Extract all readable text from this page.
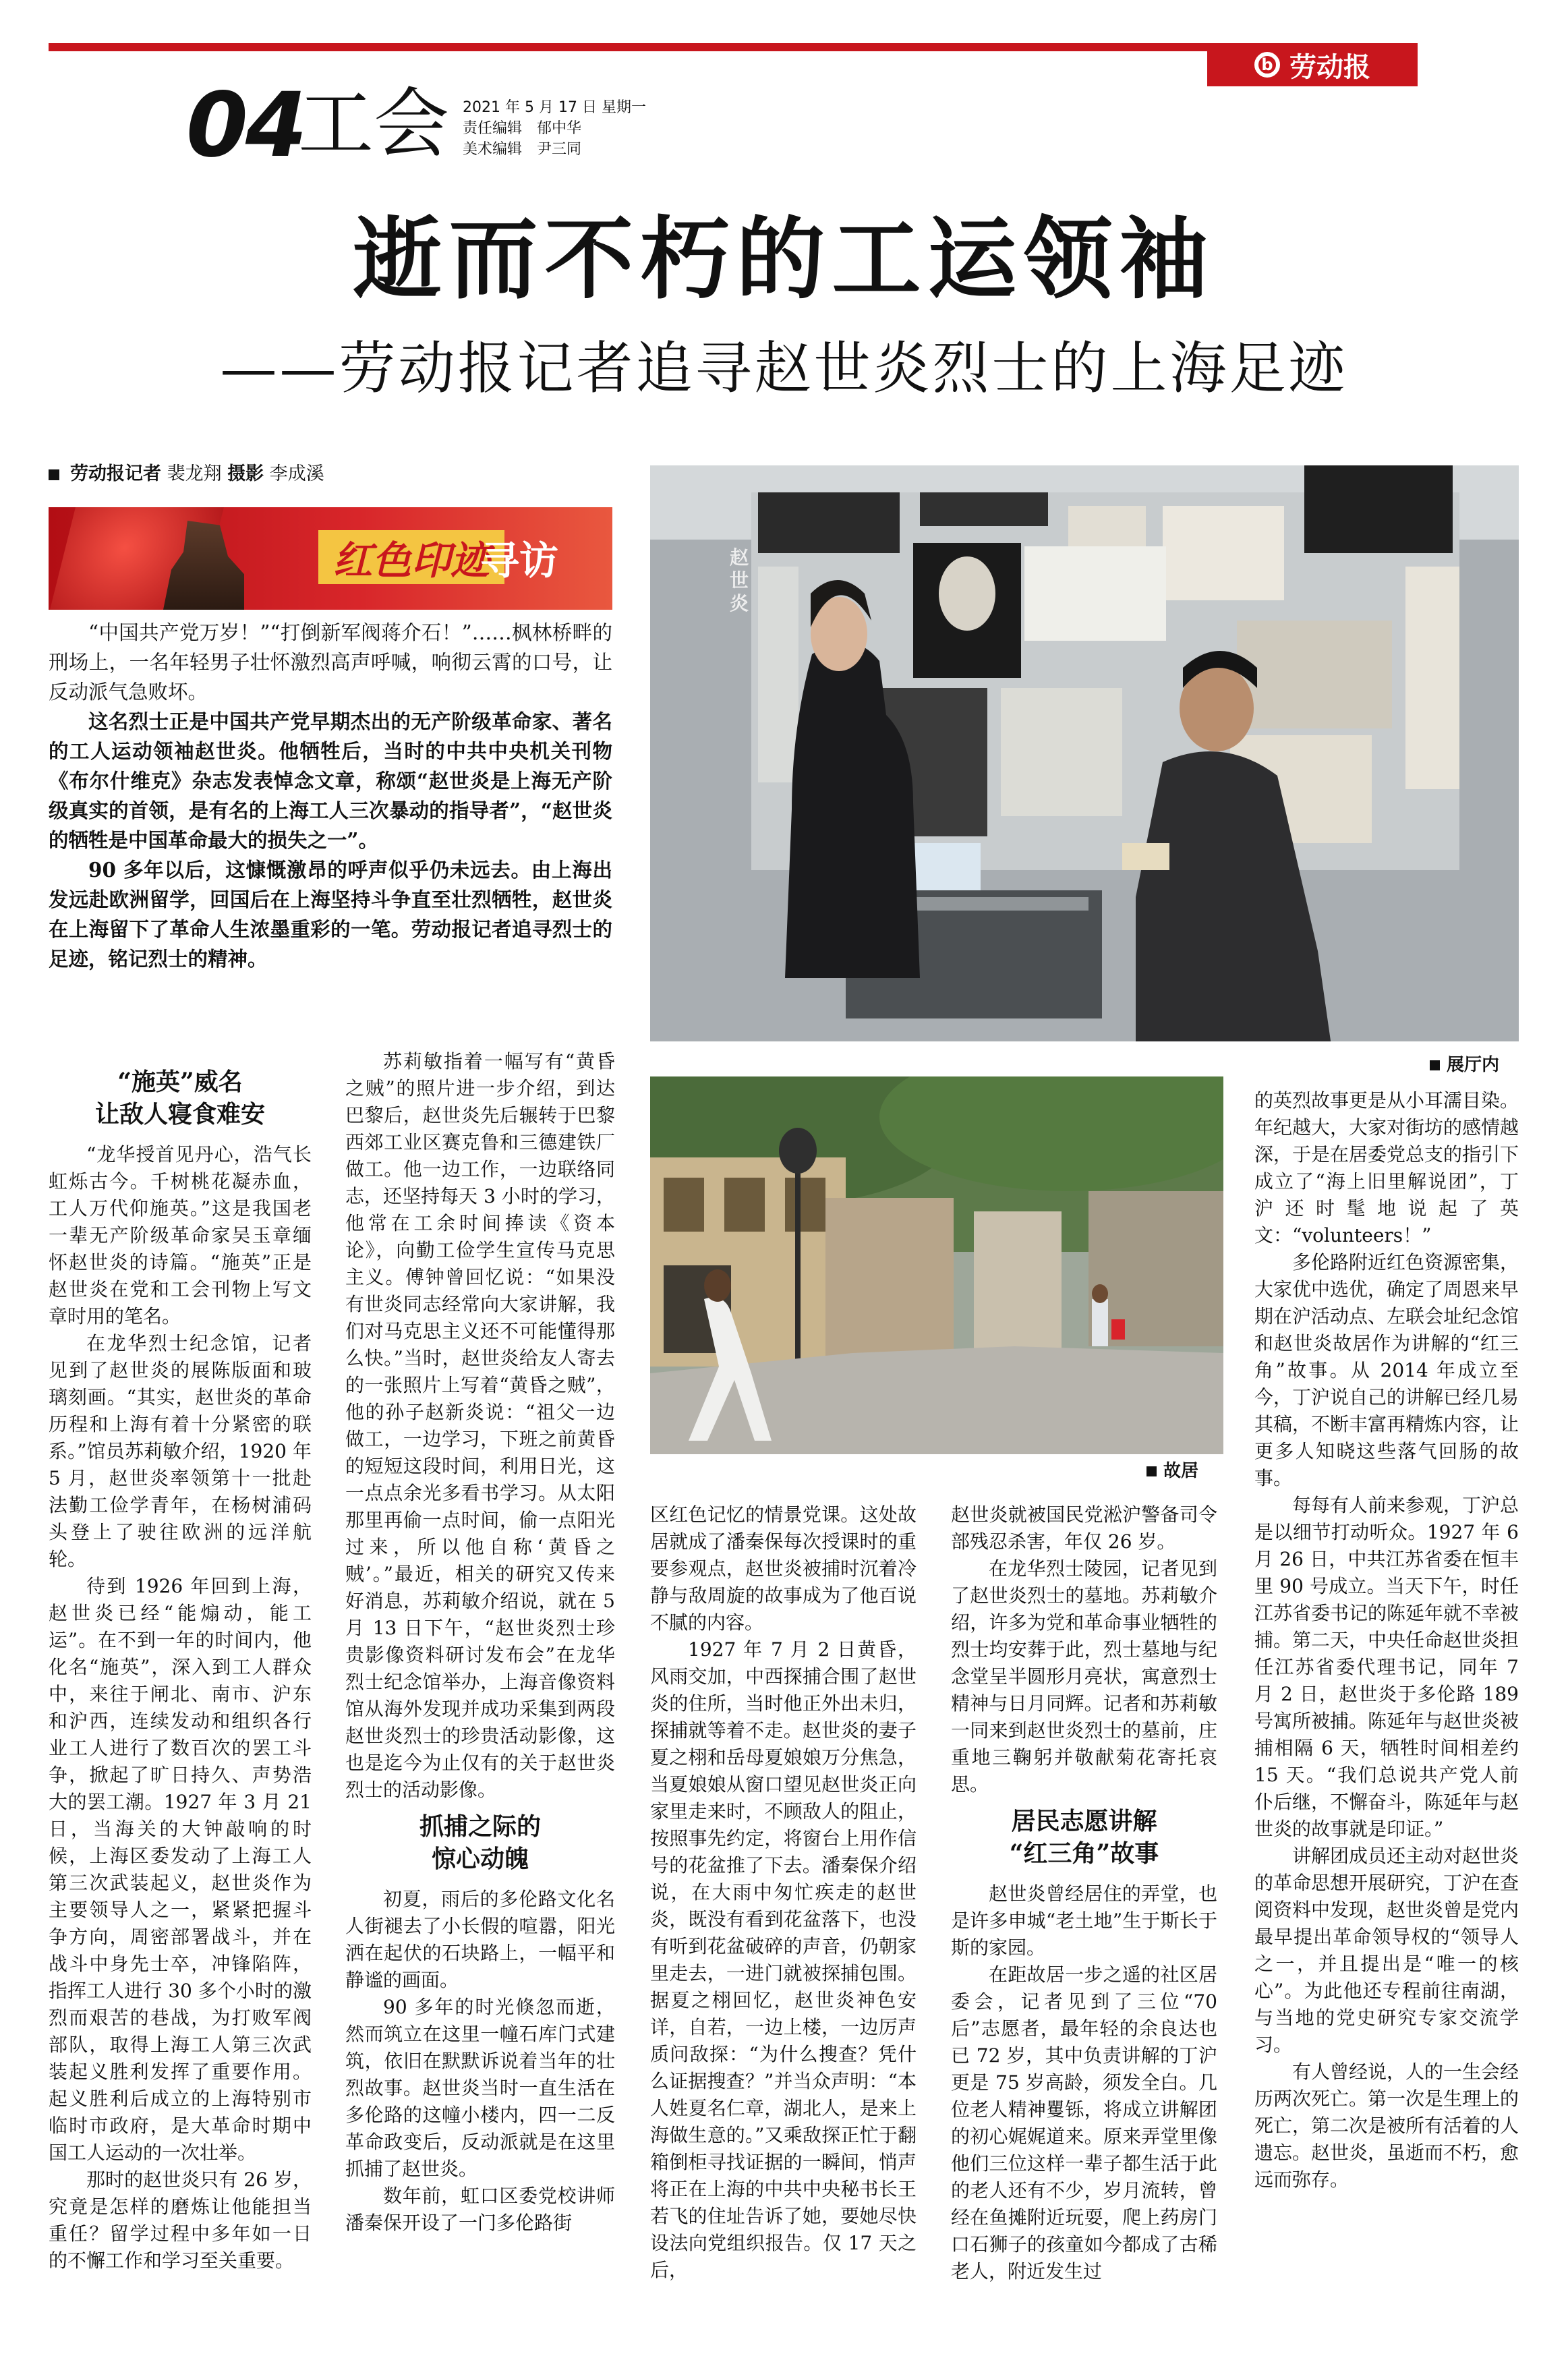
b 劳动报
04
工会 2021 年 5 月 17 日 星期一
责任编辑　郁中华
美术编辑　尹三同
逝而不朽的工运领袖
——劳动报记者追寻赵世炎烈士的上海足迹
劳动报记者 裴龙翔 摄影 李成溪
红色印迹
寻访

“中国共产党万岁！”“打倒新军阀蒋介石！”……枫林桥畔的刑场上，一名年轻男子壮怀激烈高声呼喊，响彻云霄的口号，让反动派气急败坏。

这名烈士正是中国共产党早期杰出的无产阶级革命家、著名的工人运动领袖赵世炎。他牺牲后，当时的中共中央机关刊物《布尔什维克》杂志发表悼念文章，称颂“赵世炎是上海无产阶级真实的首领，是有名的上海工人三次暴动的指导者”，“赵世炎的牺牲是中国革命最大的损失之一”。

90 多年以后，这慷慨激昂的呼声似乎仍未远去。由上海出发远赴欧洲留学，回国后在上海坚持斗争直至壮烈牺牲，赵世炎在上海留下了革命人生浓墨重彩的一笔。劳动报记者追寻烈士的足迹，铭记烈士的精神。

赵世炎
展厅内
故居
“施英”威名
让敌人寝食难安

“龙华授首见丹心，浩气长虹烁古今。千树桃花凝赤血，工人万代仰施英。”这是我国老一辈无产阶级革命家吴玉章缅怀赵世炎的诗篇。“施英”正是赵世炎在党和工会刊物上写文章时用的笔名。

在龙华烈士纪念馆，记者见到了赵世炎的展陈版面和玻璃刻画。“其实，赵世炎的革命历程和上海有着十分紧密的联系。”馆员苏莉敏介绍，1920 年 5 月，赵世炎率领第十一批赴法勤工俭学青年，在杨树浦码头登上了驶往欧洲的远洋航轮。

待到 1926 年回到上海，赵世炎已经“能煽动，能工运”。在不到一年的时间内，他化名“施英”，深入到工人群众中，来往于闸北、南市、沪东和沪西，连续发动和组织各行业工人进行了数百次的罢工斗争，掀起了旷日持久、声势浩大的罢工潮。1927 年 3 月 21 日，当海关的大钟敲响的时候，上海区委发动了上海工人第三次武装起义，赵世炎作为主要领导人之一，紧紧把握斗争方向，周密部署战斗，并在战斗中身先士卒，冲锋陷阵，指挥工人进行 30 多个小时的激烈而艰苦的巷战，为打败军阀部队，取得上海工人第三次武装起义胜利发挥了重要作用。起义胜利后成立的上海特别市临时市政府，是大革命时期中国工人运动的一次壮举。

那时的赵世炎只有 26 岁，究竟是怎样的磨炼让他能担当重任？留学过程中多年如一日的不懈工作和学习至关重要。

苏莉敏指着一幅写有“黄昏之贼”的照片进一步介绍，到达巴黎后，赵世炎先后辗转于巴黎西郊工业区赛克鲁和三德建铁厂做工。他一边工作，一边联络同志，还坚持每天 3 小时的学习，他常在工余时间捧读《资本论》，向勤工俭学生宣传马克思主义。傅钟曾回忆说：“如果没有世炎同志经常向大家讲解，我们对马克思主义还不可能懂得那么快。”当时，赵世炎给友人寄去的一张照片上写着“黄昏之贼”，他的孙子赵新炎说：“祖父一边做工，一边学习，下班之前黄昏的短短这段时间，利用日光，这一点点余光多看书学习。从太阳那里再偷一点时间，偷一点阳光过来，所以他自称‘黄昏之贼’。”最近，相关的研究又传来好消息，苏莉敏介绍说，就在 5 月 13 日下午，“赵世炎烈士珍贵影像资料研讨发布会”在龙华烈士纪念馆举办，上海音像资料馆从海外发现并成功采集到两段赵世炎烈士的珍贵活动影像，这也是迄今为止仅有的关于赵世炎烈士的活动影像。

抓捕之际的
惊心动魄

初夏，雨后的多伦路文化名人街褪去了小长假的喧嚣，阳光洒在起伏的石块路上，一幅平和静谧的画面。

90 多年的时光倏忽而逝，然而筑立在这里一幢石库门式建筑，依旧在默默诉说着当年的壮烈故事。赵世炎当时一直生活在多伦路的这幢小楼内，四一二反革命政变后，反动派就是在这里抓捕了赵世炎。

数年前，虹口区委党校讲师潘秦保开设了一门多伦路街

区红色记忆的情景党课。这处故居就成了潘秦保每次授课时的重要参观点，赵世炎被捕时沉着冷静与敌周旋的故事成为了他百说不腻的内容。

1927 年 7 月 2 日黄昏，风雨交加，中西探捕合围了赵世炎的住所，当时他正外出未归，探捕就等着不走。赵世炎的妻子夏之栩和岳母夏娘娘万分焦急，当夏娘娘从窗口望见赵世炎正向家里走来时，不顾敌人的阻止，按照事先约定，将窗台上用作信号的花盆推了下去。潘秦保介绍说，在大雨中匆忙疾走的赵世炎，既没有看到花盆落下，也没有听到花盆破碎的声音，仍朝家里走去，一进门就被探捕包围。据夏之栩回忆，赵世炎神色安详，自若，一边上楼，一边厉声质问敌探：“为什么搜查？凭什么证据搜查？”并当众声明：“本人姓夏名仁章，湖北人，是来上海做生意的。”又乘敌探正忙于翻箱倒柜寻找证据的一瞬间，悄声将正在上海的中共中央秘书长王若飞的住址告诉了她，要她尽快设法向党组织报告。仅 17 天之后，

赵世炎就被国民党淞沪警备司令部残忍杀害，年仅 26 岁。

在龙华烈士陵园，记者见到了赵世炎烈士的墓地。苏莉敏介绍，许多为党和革命事业牺牲的烈士均安葬于此，烈士墓地与纪念堂呈半圆形月亮状，寓意烈士精神与日月同辉。记者和苏莉敏一同来到赵世炎烈士的墓前，庄重地三鞠躬并敬献菊花寄托哀思。

居民志愿讲解
“红三角”故事

赵世炎曾经居住的弄堂，也是许多申城“老土地”生于斯长于斯的家园。

在距故居一步之遥的社区居委会，记者见到了三位“70 后”志愿者，最年轻的余良达也已 72 岁，其中负责讲解的丁沪更是 75 岁高龄，须发全白。几位老人精神矍铄，将成立讲解团的初心娓娓道来。原来弄堂里像他们三位这样一辈子都生活于此的老人还有不少，岁月流转，曾经在鱼摊附近玩耍，爬上药房门口石狮子的孩童如今都成了古稀老人，附近发生过

的英烈故事更是从小耳濡目染。年纪越大，大家对街坊的感情越深，于是在居委党总支的指引下成立了“海上旧里解说团”，丁沪还时髦地说起了英文：“volunteers！”

多伦路附近红色资源密集，大家优中选优，确定了周恩来早期在沪活动点、左联会址纪念馆和赵世炎故居作为讲解的“红三角”故事。从 2014 年成立至今，丁沪说自己的讲解已经几易其稿，不断丰富再精炼内容，让更多人知晓这些落气回肠的故事。

每每有人前来参观，丁沪总是以细节打动听众。1927 年 6 月 26 日，中共江苏省委在恒丰里 90 号成立。当天下午，时任江苏省委书记的陈延年就不幸被捕。第二天，中央任命赵世炎担任江苏省委代理书记，同年 7 月 2 日，赵世炎于多伦路 189 号寓所被捕。陈延年与赵世炎被捕相隔 6 天，牺牲时间相差约 15 天。“我们总说共产党人前仆后继，不懈奋斗，陈延年与赵世炎的故事就是印证。”

讲解团成员还主动对赵世炎的革命思想开展研究，丁沪在查阅资料中发现，赵世炎曾是党内最早提出革命领导权的“领导人之一，并且提出是“唯一的核心”。为此他还专程前往南湖，与当地的党史研究专家交流学习。

有人曾经说，人的一生会经历两次死亡。第一次是生理上的死亡，第二次是被所有活着的人遗忘。赵世炎，虽逝而不朽，愈远而弥存。
